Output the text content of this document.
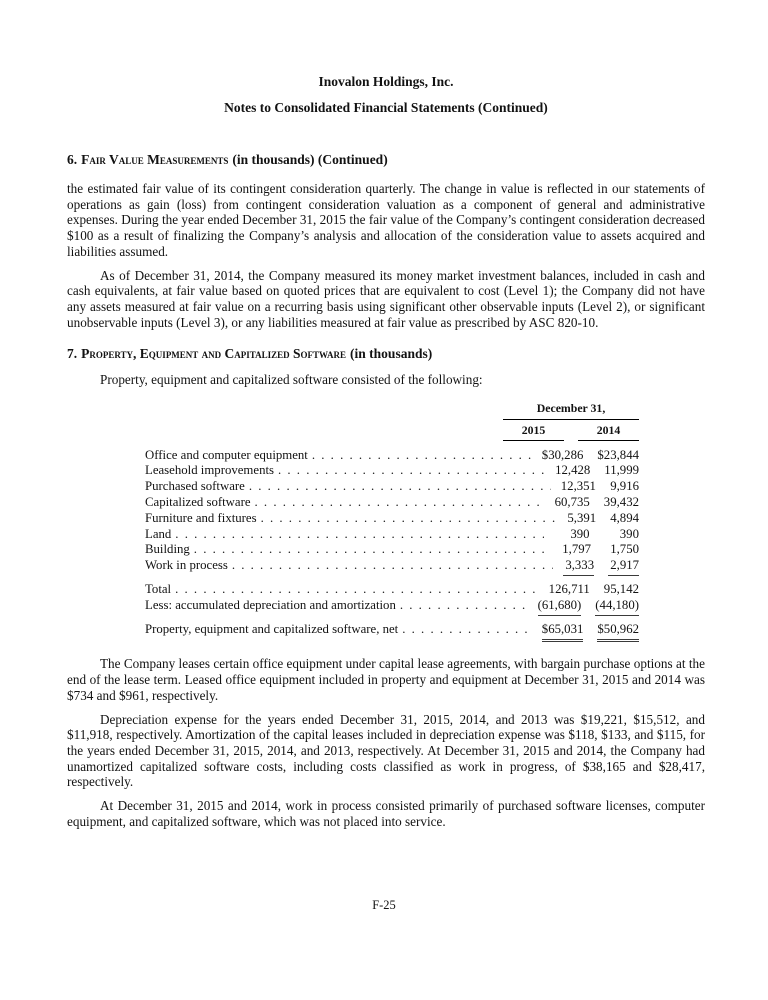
Inovalon Holdings, Inc.
Notes to Consolidated Financial Statements (Continued)
6. Fair Value Measurements (in thousands) (Continued)

the estimated fair value of its contingent consideration quarterly. The change in value is reflected in our statements of operations as gain (loss) from contingent consideration valuation as a component of general and administrative expenses. During the year ended December 31, 2015 the fair value of the Company’s contingent consideration decreased $100 as a result of finalizing the Company’s analysis and allocation of the consideration value to assets acquired and liabilities assumed.

As of December 31, 2014, the Company measured its money market investment balances, included in cash and cash equivalents, at fair value based on quoted prices that are equivalent to cost (Level 1); the Company did not have any assets measured at fair value on a recurring basis using significant other observable inputs (Level 2), or significant unobservable inputs (Level 3), or any liabilities measured at fair value as prescribed by ASC 820-10.

7. Property, Equipment and Capitalized Software (in thousands)

Property, equipment and capitalized software consisted of the following:

December 31,
2015	2014
Office and computer equipment . . .	$ 30,286 $ 23,844
Leasehold improvements . . .	12,428 11,999
Purchased software . . .	12,351 9,916
Capitalized software . . .	60,735 39,432
Furniture and fixtures . . .	5,391 4,894
Land . . .	390 390
Building . . .	1,797 1,750
Work in process . . .	3,333 2,917
Total . . .	126,711 95,142
Less: accumulated depreciation and amortization . . .	(61,680) (44,180)
Property, equipment and capitalized software, net . . .	$ 65,031 $ 50,962

The Company leases certain office equipment under capital lease agreements, with bargain purchase options at the end of the lease term. Leased office equipment included in property and equipment at December 31, 2015 and 2014 was $734 and $961, respectively.

Depreciation expense for the years ended December 31, 2015, 2014, and 2013 was $19,221, $15,512, and $11,918, respectively. Amortization of the capital leases included in depreciation expense was $118, $133, and $115, for the years ended December 31, 2015, 2014, and 2013, respectively. At December 31, 2015 and 2014, the Company had unamortized capitalized software costs, including costs classified as work in progress, of $38,165 and $28,417, respectively.

At December 31, 2015 and 2014, work in process consisted primarily of purchased software licenses, computer equipment, and capitalized software, which was not placed into service.

F-25
